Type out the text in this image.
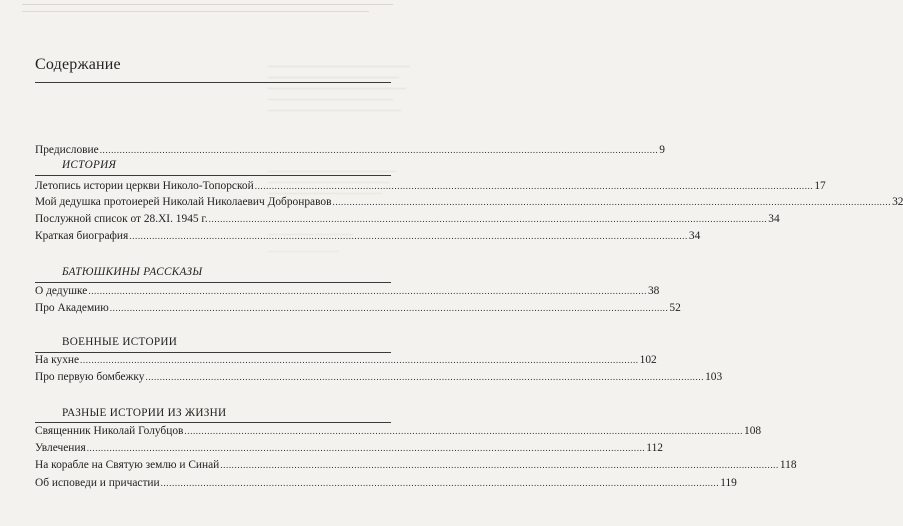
Содержание
Предисловие .................................................................................................................................................................................................... 9
ИСТОРИЯ
Летопись истории церкви Николо-Топорской .................................................................................................................................................................................................... 17
Мой дедушка протоиерей Николай Николаевич Добронравов .................................................................................................................................................................................................... 32
Послужной список от 28.XI. 1945 г. .................................................................................................................................................................................................... 34
Краткая биография .................................................................................................................................................................................................... 34
БАТЮШКИНЫ РАССКАЗЫ
О дедушке .................................................................................................................................................................................................... 38
Про Академию .................................................................................................................................................................................................... 52
ВОЕННЫЕ ИСТОРИИ
На кухне .................................................................................................................................................................................................... 102
Про первую бомбежку .................................................................................................................................................................................................... 103
РАЗНЫЕ ИСТОРИИ ИЗ ЖИЗНИ
Священник Николай Голубцов .................................................................................................................................................................................................... 108
Увлечения .................................................................................................................................................................................................... 112
На корабле на Святую землю и Синай .................................................................................................................................................................................................... 118
Об исповеди и причастии .................................................................................................................................................................................................... 119
